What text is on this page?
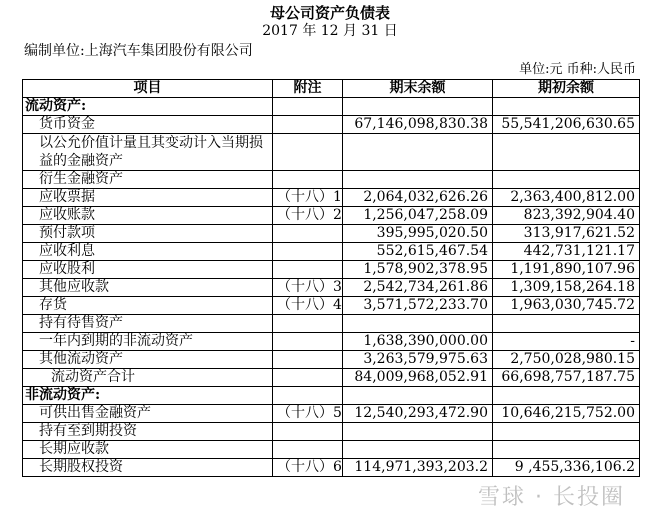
母公司资产负债表
2017 年 12 月 31 日
编制单位:上海汽车集团股份有限公司
单位:元 币种:人民币
项目	附注	期末余额	期初余额
流动资产:			
货币资金		67,146,098,830.38	55,541,206,630.65
以公允价值计量且其变动计入当期损益的金融资产			
衍生金融资产			
应收票据	（十八）1	2,064,032,626.26	2,363,400,812.00
应收账款	（十八）2	1,256,047,258.09	823,392,904.40
预付款项		395,995,020.50	313,917,621.52
应收利息		552,615,467.54	442,731,121.17
应收股利		1,578,902,378.95	1,191,890,107.96
其他应收款	（十八）3	2,542,734,261.86	1,309,158,264.18
存货	（十八）4	3,571,572,233.70	1,963,030,745.72
持有待售资产			
一年内到期的非流动资产		1,638,390,000.00	-
其他流动资产		3,263,579,975.63	2,750,028,980.15
流动资产合计		84,009,968,052.91	66,698,757,187.75
非流动资产:			
可供出售金融资产	（十八）5	12,540,293,472.90	10,646,215,752.00
持有至到期投资			
长期应收款			
长期股权投资	（十八）6	114,971,393,203.2	9 ,455,336,106.2
雪球 · 长投圈
